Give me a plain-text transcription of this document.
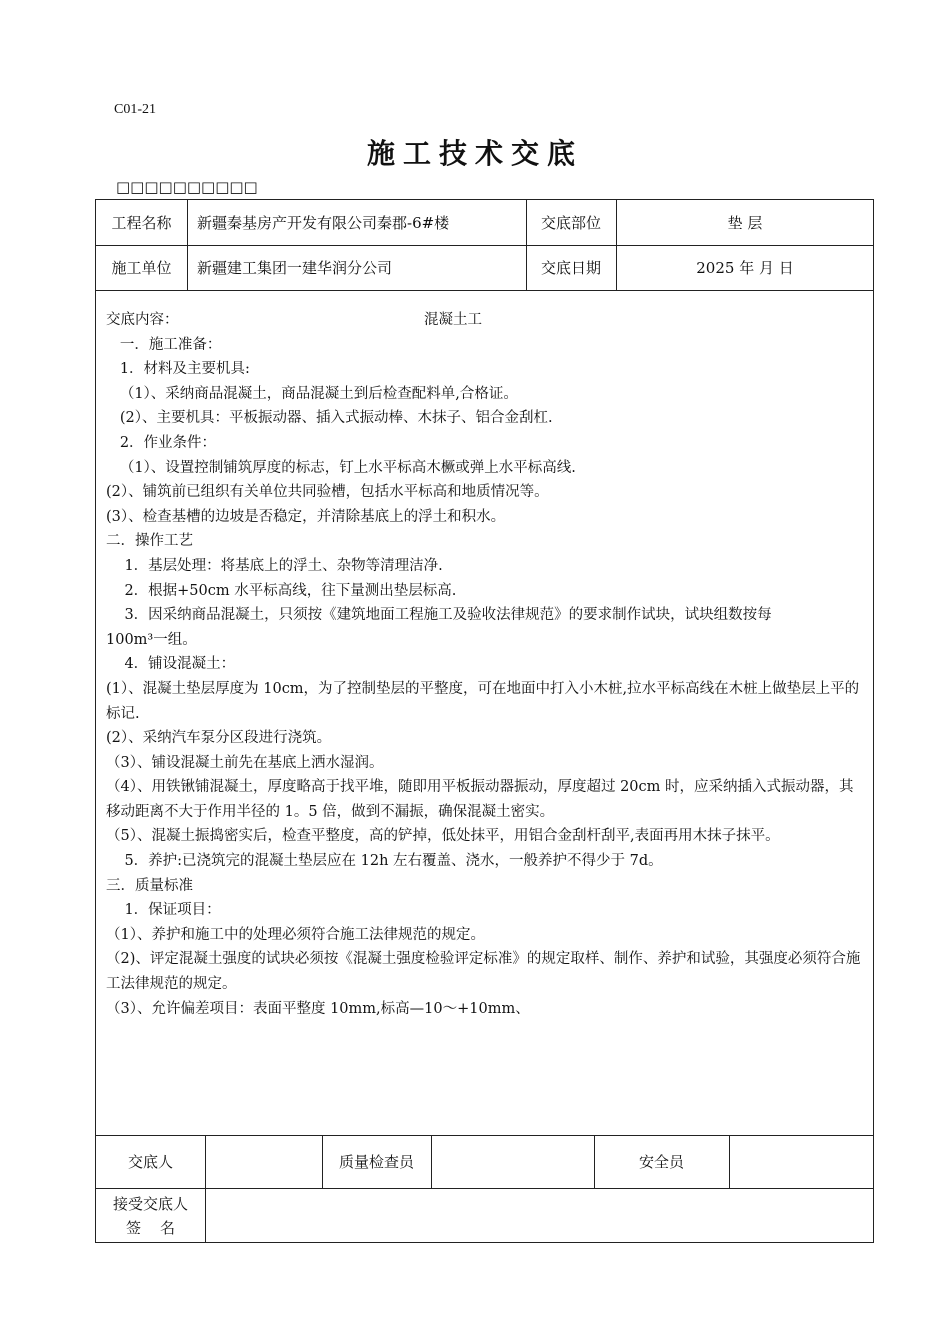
C01-21
施工技术交底
□□□□□□□□□□
工程名称	新疆秦基房产开发有限公司秦郡-6#楼	交底部位	垫 层
施工单位	新疆建工集团一建华润分公司	交底日期	2025 年 月 日
交底内容：	混凝土工

一．施工准备：

1．材料及主要机具:

（1）、采纳商品混凝土，商品混凝土到后检查配料单,合格证。

(2）、主要机具：平板振动器、插入式振动棒、木抹子、铝合金刮杠.

2．作业条件：

（1）、设置控制铺筑厚度的标志，钉上水平标高木橛或弹上水平标高线.

(2）、铺筑前已组织有关单位共同验槽，包括水平标高和地质情况等。

(3）、检查基槽的边坡是否稳定，并清除基底上的浮土和积水。

二．操作工艺

1．基层处理：将基底上的浮土、杂物等清理洁净.

2．根据+50cm 水平标高线，往下量测出垫层标高.

3．因采纳商品混凝土，只须按《建筑地面工程施工及验收法律规范》的要求制作试块，试块组数按每

100m³一组。

4．铺设混凝土：

(1）、混凝土垫层厚度为 10cm，为了控制垫层的平整度，可在地面中打入小木桩,拉水平标高线在木桩上做垫层上平的标记.

(2）、采纳汽车泵分区段进行浇筑。

（3）、铺设混凝土前先在基底上洒水湿润。

（4）、用铁锹铺混凝土，厚度略高于找平堆，随即用平板振动器振动，厚度超过 20cm 时，应采纳插入式振动器，其移动距离不大于作用半径的 1。5 倍，做到不漏振，确保混凝土密实。

（5）、混凝土振捣密实后，检查平整度，高的铲掉，低处抹平，用铝合金刮杆刮平,表面再用木抹子抹平。

5．养护:已浇筑完的混凝土垫层应在 12h 左右覆盖、浇水，一般养护不得少于 7d。

三．质量标准

1．保证项目：

（1）、养护和施工中的处理必须符合施工法律规范的规定。

（2)、评定混凝土强度的试块必须按《混凝土强度检验评定标准》的规定取样、制作、养护和试验，其强度必须符合施工法律规范的规定。

（3）、允许偏差项目：表面平整度 10mm,标高—10～+10mm、

交底人	质量检查员	安全员
接受交底人
签    名
